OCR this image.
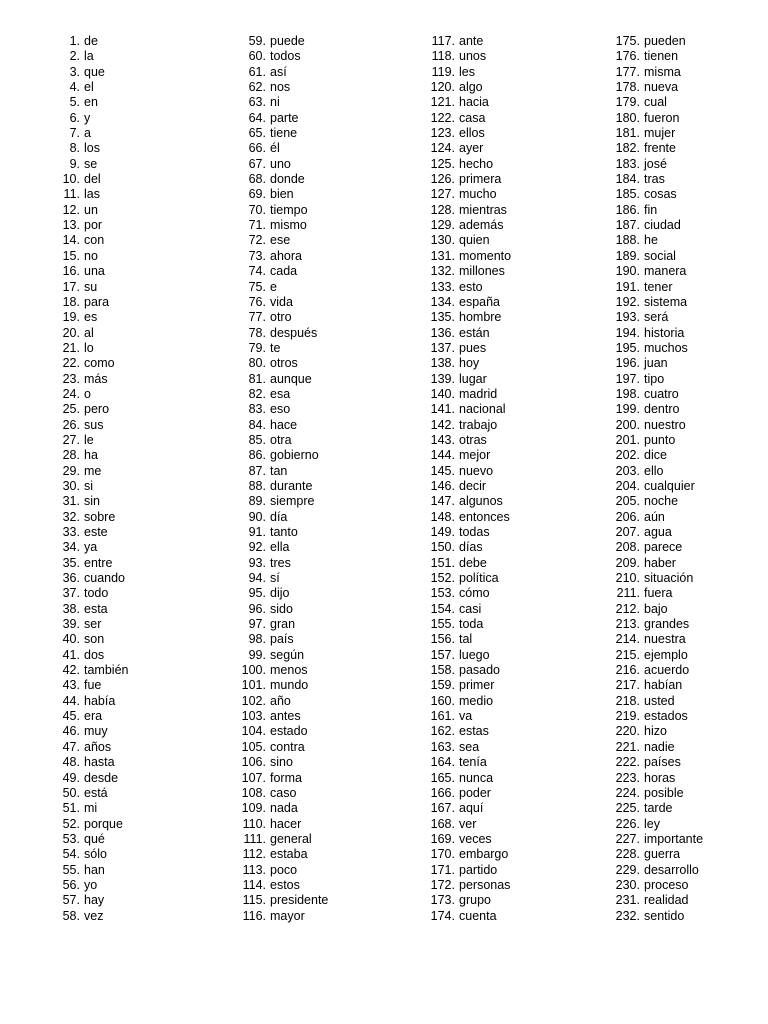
1. de
2. la
3. que
4. el
5. en
6. y
7. a
8. los
9. se
10. del
11. las
12. un
13. por
14. con
15. no
16. una
17. su
18. para
19. es
20. al
21. lo
22. como
23. más
24. o
25. pero
26. sus
27. le
28. ha
29. me
30. si
31. sin
32. sobre
33. este
34. ya
35. entre
36. cuando
37. todo
38. esta
39. ser
40. son
41. dos
42. también
43. fue
44. había
45. era
46. muy
47. años
48. hasta
49. desde
50. está
51. mi
52. porque
53. qué
54. sólo
55. han
56. yo
57. hay
58. vez
59. puede
60. todos
61. así
62. nos
63. ni
64. parte
65. tiene
66. él
67. uno
68. donde
69. bien
70. tiempo
71. mismo
72. ese
73. ahora
74. cada
75. e
76. vida
77. otro
78. después
79. te
80. otros
81. aunque
82. esa
83. eso
84. hace
85. otra
86. gobierno
87. tan
88. durante
89. siempre
90. día
91. tanto
92. ella
93. tres
94. sí
95. dijo
96. sido
97. gran
98. país
99. según
100. menos
101. mundo
102. año
103. antes
104. estado
105. contra
106. sino
107. forma
108. caso
109. nada
110. hacer
111. general
112. estaba
113. poco
114. estos
115. presidente
116. mayor
117. ante
118. unos
119. les
120. algo
121. hacia
122. casa
123. ellos
124. ayer
125. hecho
126. primera
127. mucho
128. mientras
129. además
130. quien
131. momento
132. millones
133. esto
134. españa
135. hombre
136. están
137. pues
138. hoy
139. lugar
140. madrid
141. nacional
142. trabajo
143. otras
144. mejor
145. nuevo
146. decir
147. algunos
148. entonces
149. todas
150. días
151. debe
152. política
153. cómo
154. casi
155. toda
156. tal
157. luego
158. pasado
159. primer
160. medio
161. va
162. estas
163. sea
164. tenía
165. nunca
166. poder
167. aquí
168. ver
169. veces
170. embargo
171. partido
172. personas
173. grupo
174. cuenta
175. pueden
176. tienen
177. misma
178. nueva
179. cual
180. fueron
181. mujer
182. frente
183. josé
184. tras
185. cosas
186. fin
187. ciudad
188. he
189. social
190. manera
191. tener
192. sistema
193. será
194. historia
195. muchos
196. juan
197. tipo
198. cuatro
199. dentro
200. nuestro
201. punto
202. dice
203. ello
204. cualquier
205. noche
206. aún
207. agua
208. parece
209. haber
210. situación
211. fuera
212. bajo
213. grandes
214. nuestra
215. ejemplo
216. acuerdo
217. habían
218. usted
219. estados
220. hizo
221. nadie
222. países
223. horas
224. posible
225. tarde
226. ley
227. importante
228. guerra
229. desarrollo
230. proceso
231. realidad
232. sentido
